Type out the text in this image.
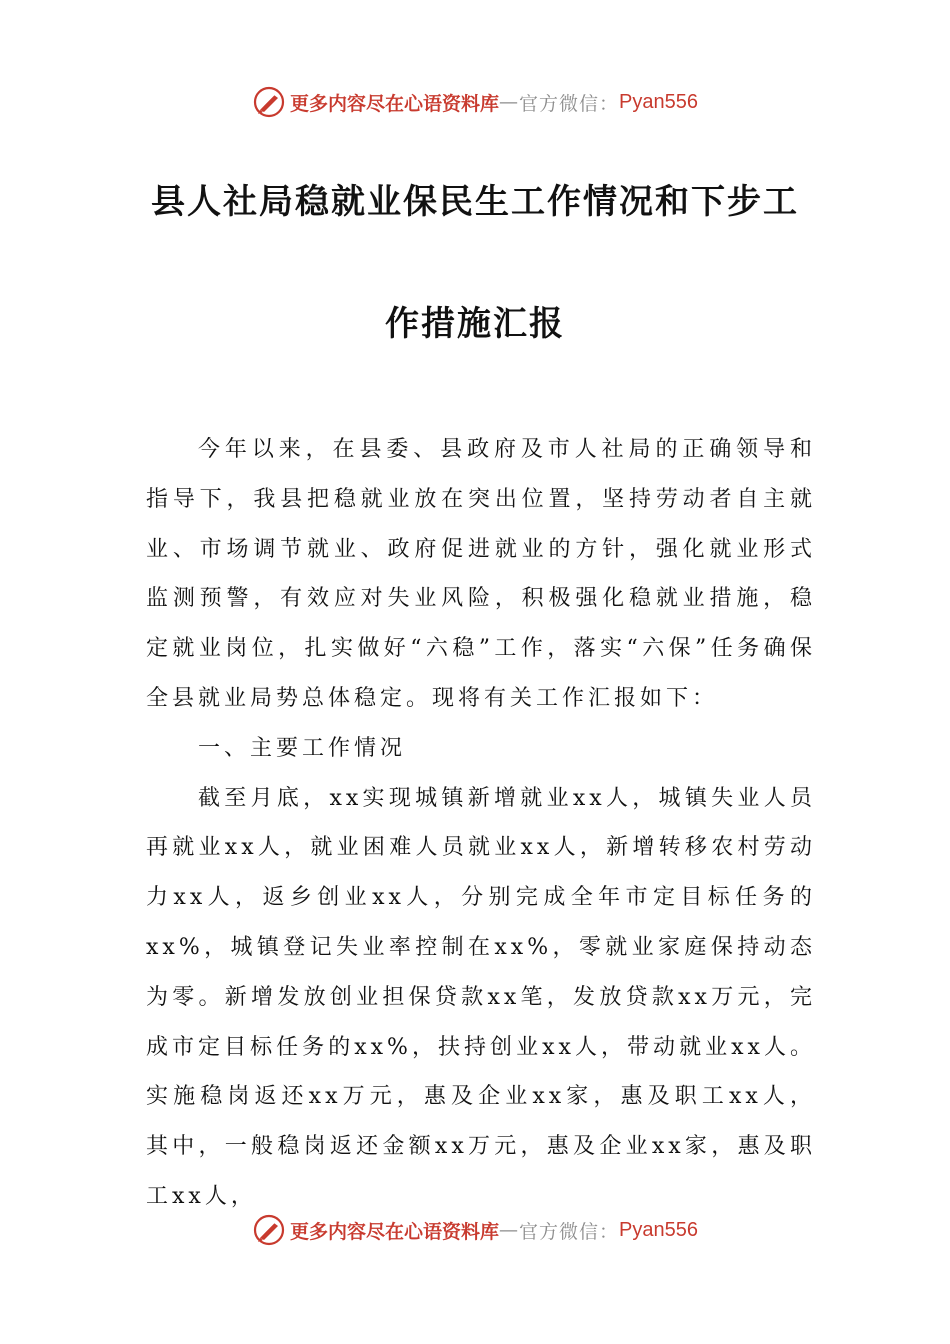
更多内容尽在心语资料库 — 官方微信： Pyan556
县人社局稳就业保民生工作情况和下步工
作措施汇报

今年以来，在县委、县政府及市人社局的正确领导和指导下，我县把稳就业放在突出位置，坚持劳动者自主就业、市场调节就业、政府促进就业的方针，强化就业形式监测预警，有效应对失业风险，积极强化稳就业措施，稳定就业岗位，扎实做好“六稳”工作，落实“六保”任务确保全县就业局势总体稳定。现将有关工作汇报如下：

一、主要工作情况

截至月底，xx实现城镇新增就业xx人，城镇失业人员再就业xx人，就业困难人员就业xx人，新增转移农村劳动力xx人，返乡创业xx人，分别完成全年市定目标任务的xx%，城镇登记失业率控制在xx%，零就业家庭保持动态为零。新增发放创业担保贷款xx笔，发放贷款xx万元，完成市定目标任务的xx%，扶持创业xx人，带动就业xx人。实施稳岗返还xx万元，惠及企业xx家，惠及职工xx人，其中，一般稳岗返还金额xx万元，惠及企业xx家，惠及职工xx人，

更多内容尽在心语资料库 — 官方微信： Pyan556
